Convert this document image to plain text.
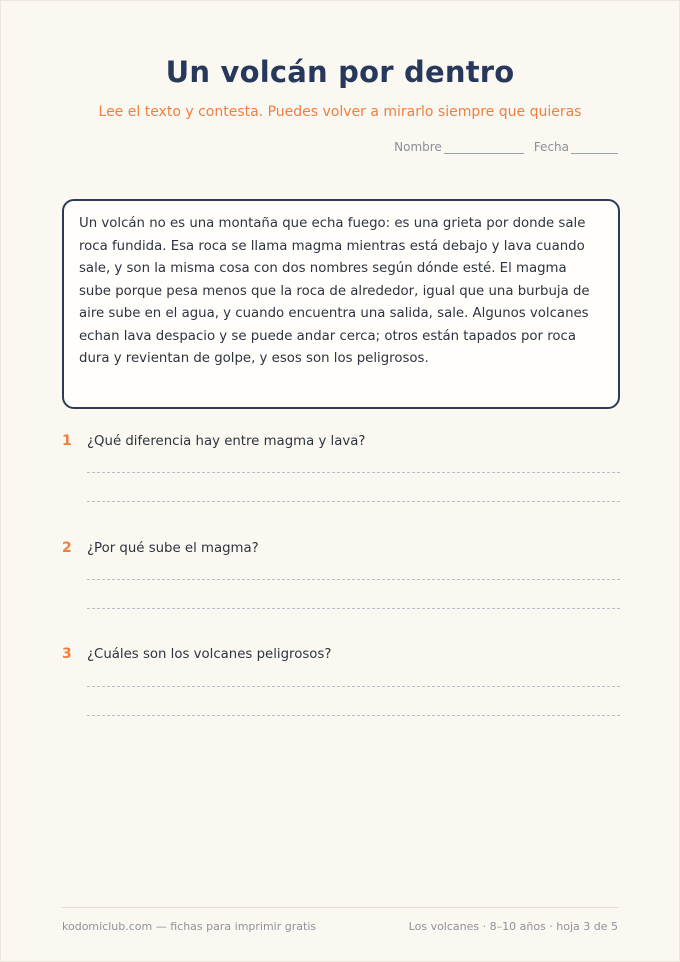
Un volcán por dentro
Lee el texto y contesta. Puedes volver a mirarlo siempre que quieras
Nombre	Fecha

Un volcán no es una montaña que echa fuego: es una grieta por donde sale roca fundida. Esa roca se llama magma mientras está debajo y lava cuando sale, y son la misma cosa con dos nombres según dónde esté. El magma sube porque pesa menos que la roca de alrededor, igual que una burbuja de aire sube en el agua, y cuando encuentra una salida, sale. Algunos volcanes echan lava despacio y se puede andar cerca; otros están tapados por roca dura y revientan de golpe, y esos son los peligrosos.

1	¿Qué diferencia hay entre magma y lava?
2	¿Por qué sube el magma?
3	¿Cuáles son los volcanes peligrosos?
kodomiclub.com — fichas para imprimir gratis	Los volcanes · 8–10 años · hoja 3 de 5
